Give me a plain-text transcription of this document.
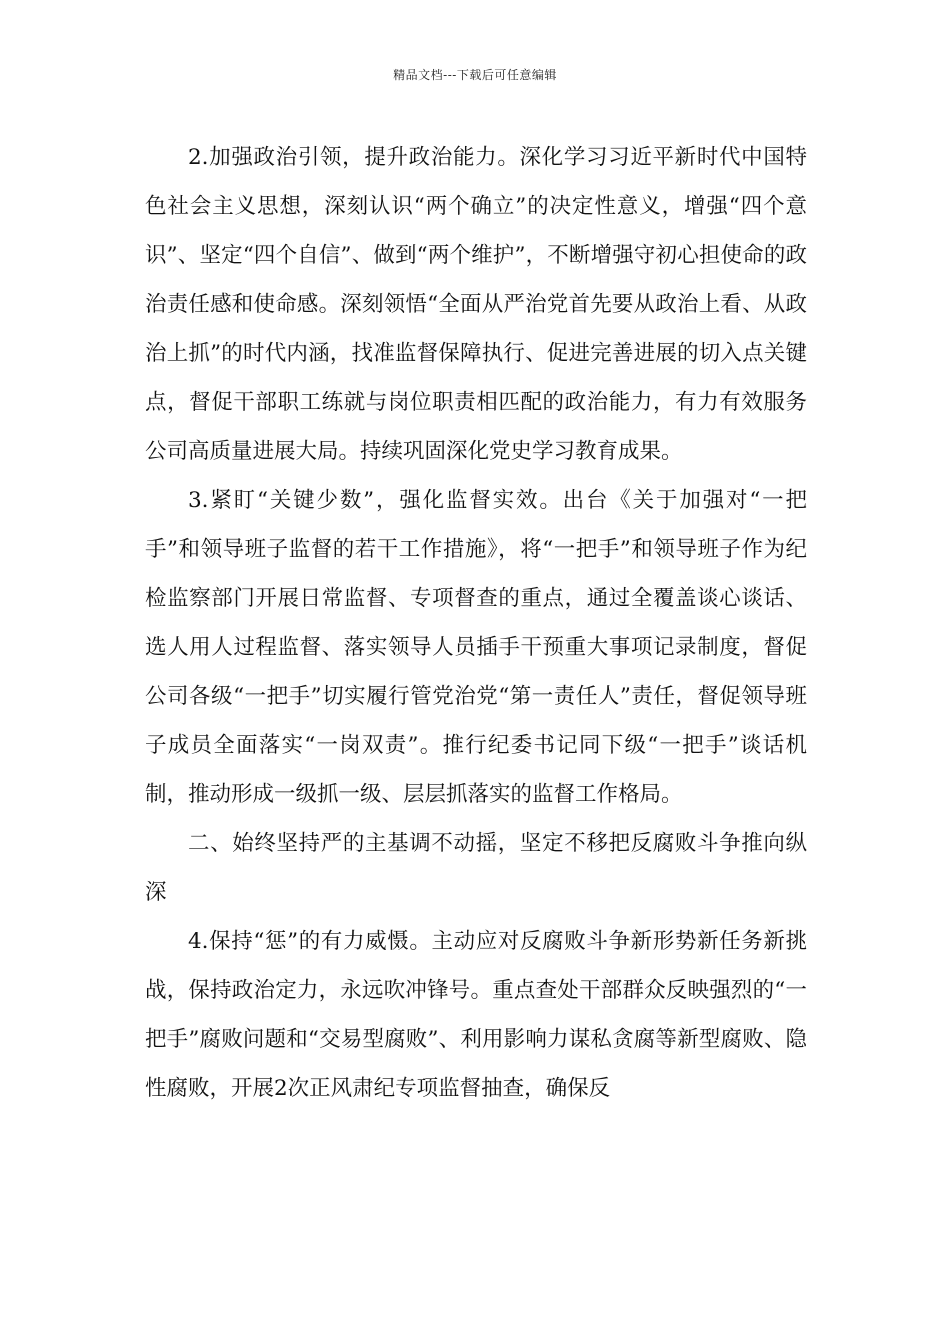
精品文档---下载后可任意编辑

2.加强政治引领，提升政治能力。深化学习习近平新时代中国特色社会主义思想，深刻认识“两个确立”的决定性意义，增强“四个意识”、坚定“四个自信”、做到“两个维护”，不断增强守初心担使命的政治责任感和使命感。深刻领悟“全面从严治党首先要从政治上看、从政治上抓”的时代内涵，找准监督保障执行、促进完善进展的切入点关键点，督促干部职工练就与岗位职责相匹配的政治能力，有力有效服务公司高质量进展大局。持续巩固深化党史学习教育成果。

3.紧盯“关键少数”，强化监督实效。出台《关于加强对“一把手”和领导班子监督的若干工作措施》，将“一把手”和领导班子作为纪检监察部门开展日常监督、专项督查的重点，通过全覆盖谈心谈话、选人用人过程监督、落实领导人员插手干预重大事项记录制度，督促公司各级“一把手”切实履行管党治党“第一责任人”责任，督促领导班子成员全面落实“一岗双责”。推行纪委书记同下级“一把手”谈话机制，推动形成一级抓一级、层层抓落实的监督工作格局。

二、始终坚持严的主基调不动摇，坚定不移把反腐败斗争推向纵深

4.保持“惩”的有力威慑。主动应对反腐败斗争新形势新任务新挑战，保持政治定力，永远吹冲锋号。重点查处干部群众反映强烈的“一把手”腐败问题和“交易型腐败”、利用影响力谋私贪腐等新型腐败、隐性腐败，开展2次正风肃纪专项监督抽查，确保反
